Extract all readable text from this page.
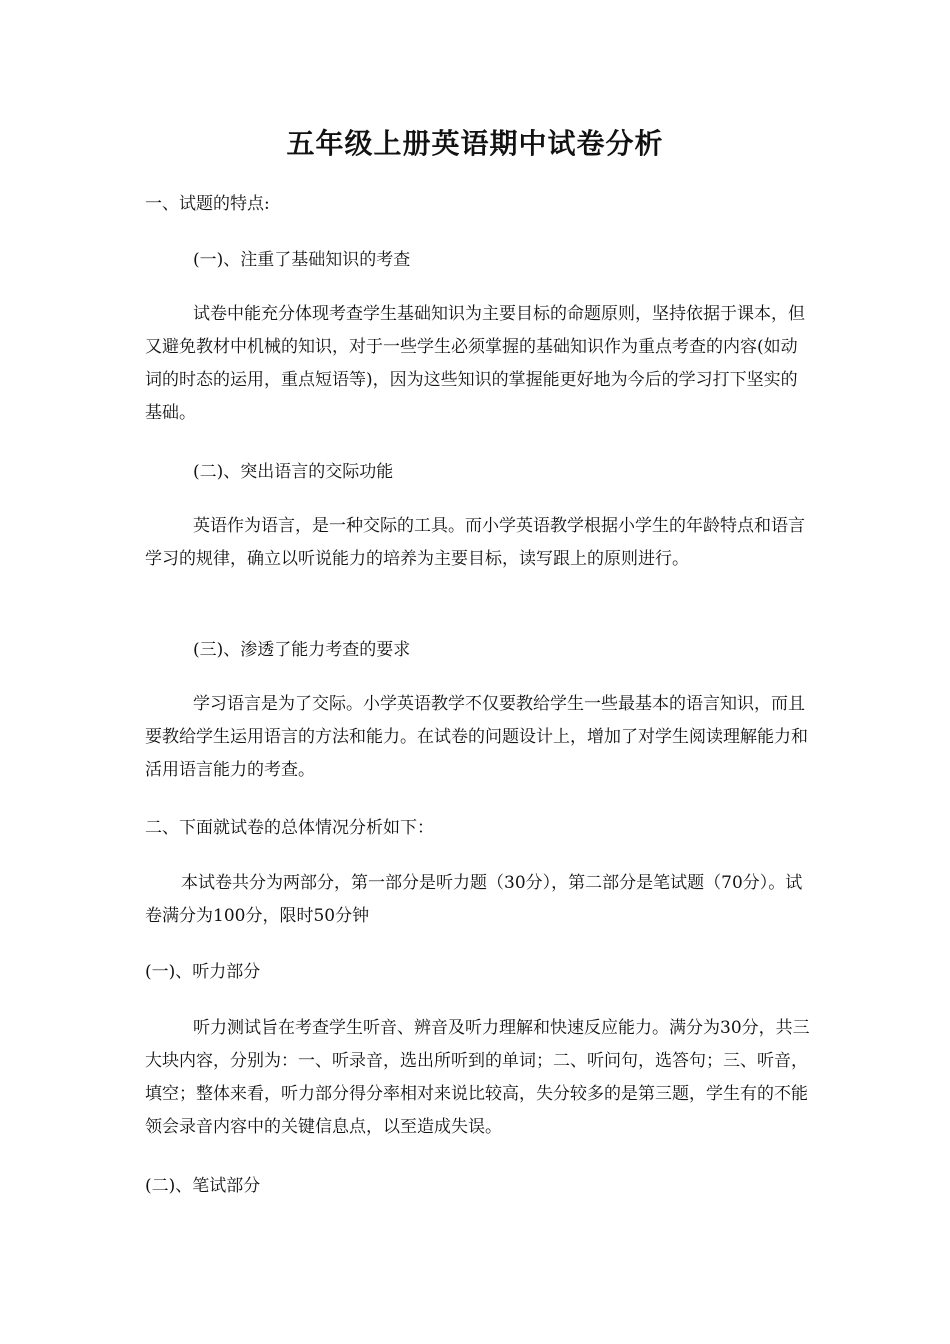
五年级上册英语期中试卷分析

一、试题的特点:

(一)、注重了基础知识的考查

试卷中能充分体现考查学生基础知识为主要目标的命题原则，坚持依据于课本，但又避免教材中机械的知识，对于一些学生必须掌握的基础知识作为重点考查的内容(如动词的时态的运用，重点短语等)，因为这些知识的掌握能更好地为今后的学习打下坚实的基础。

(二)、突出语言的交际功能

英语作为语言，是一种交际的工具。而小学英语教学根据小学生的年龄特点和语言学习的规律，确立以听说能力的培养为主要目标，读写跟上的原则进行。

(三)、渗透了能力考查的要求

学习语言是为了交际。小学英语教学不仅要教给学生一些最基本的语言知识，而且要教给学生运用语言的方法和能力。在试卷的问题设计上，增加了对学生阅读理解能力和活用语言能力的考查。

二、下面就试卷的总体情况分析如下：

本试卷共分为两部分，第一部分是听力题（30分），第二部分是笔试题（70分）。试卷满分为100分，限时50分钟

(一)、听力部分

听力测试旨在考查学生听音、辨音及听力理解和快速反应能力。满分为30分，共三大块内容，分别为：一、听录音，选出所听到的单词；二、听问句，选答句；三、听音，填空；整体来看，听力部分得分率相对来说比较高，失分较多的是第三题，学生有的不能领会录音内容中的关键信息点，以至造成失误。

(二)、笔试部分
